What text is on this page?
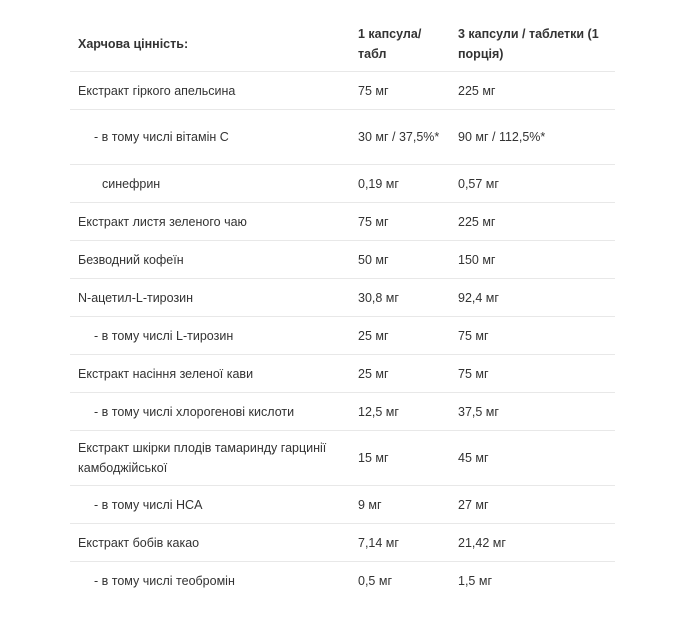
Харчова цінність:	1 капсула/ табл	3 капсули / таблетки (1 порція)
Екстракт гіркого апельсина	75 мг	225 мг
- в тому числі вітамін C	30 мг / 37,5%*	90 мг / 112,5%*
синефрин	0,19 мг	0,57 мг
Екстракт листя зеленого чаю	75 мг	225 мг
Безводний кофеїн	50 мг	150 мг
N-ацетил-L-тирозин	30,8 мг	92,4 мг
- в тому числі L-тирозин	25 мг	75 мг
Екстракт насіння зеленої кави	25 мг	75 мг
- в тому числі хлорогенові кислоти	12,5 мг	37,5 мг
Екстракт шкірки плодів тамаринду гарцинії камбоджійської	15 мг	45 мг
- в тому числі HCA	9 мг	27 мг
Екстракт бобів какао	7,14 мг	21,42 мг
- в тому числі теобромін	0,5 мг	1,5 мг
